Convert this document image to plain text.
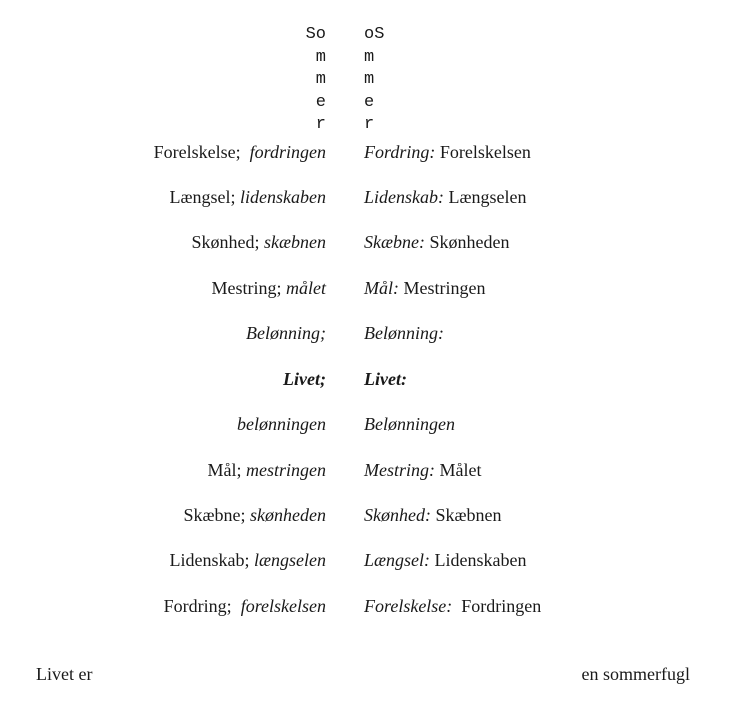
So
m
m
e
r
oS
m
m
e
r
Forelskelse; fordringen Fordring: Forelskelsen
Længsel; lidenskaben Lidenskab: Længselen
Skønhed; skæbnen Skæbne: Skønheden
Mestring; målet Mål: Mestringen
Belønning; Belønning:
Livet; Livet:
belønningen Belønningen
Mål; mestringen Mestring: Målet
Skæbne; skønheden Skønhed: Skæbnen
Lidenskab; længselen Længsel: Lidenskaben
Fordring; forelskelsen Forelskelse: Fordringen
Livet er	en sommerfugl
